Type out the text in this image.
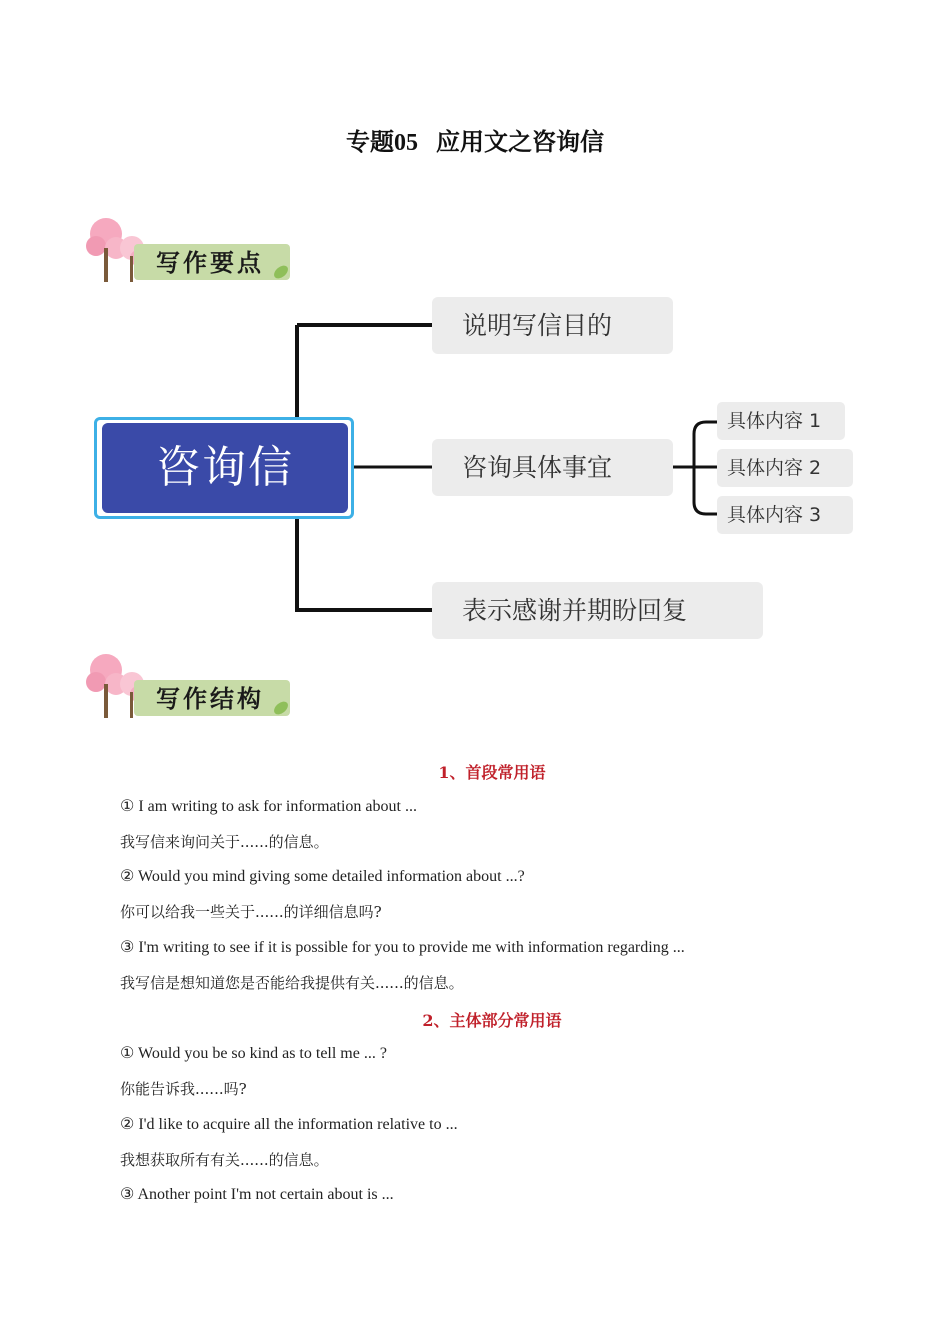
专题05 应用文之咨询信
写作要点
咨询信
说明写信目的
咨询具体事宜
表示感谢并期盼回复
具体内容 1
具体内容 2
具体内容 3
写作结构
1、首段常用语
① I am writing to ask for information about ...
我写信来询问关于......的信息。
② Would you mind giving some detailed information about ...?
你可以给我一些关于......的详细信息吗?
③ I'm writing to see if it is possible for you to provide me with information regarding ...
我写信是想知道您是否能给我提供有关......的信息。
2、主体部分常用语
① Would you be so kind as to tell me ... ?
你能告诉我......吗?
② I'd like to acquire all the information relative to ...
我想获取所有有关......的信息。
③ Another point I'm not certain about is ...
